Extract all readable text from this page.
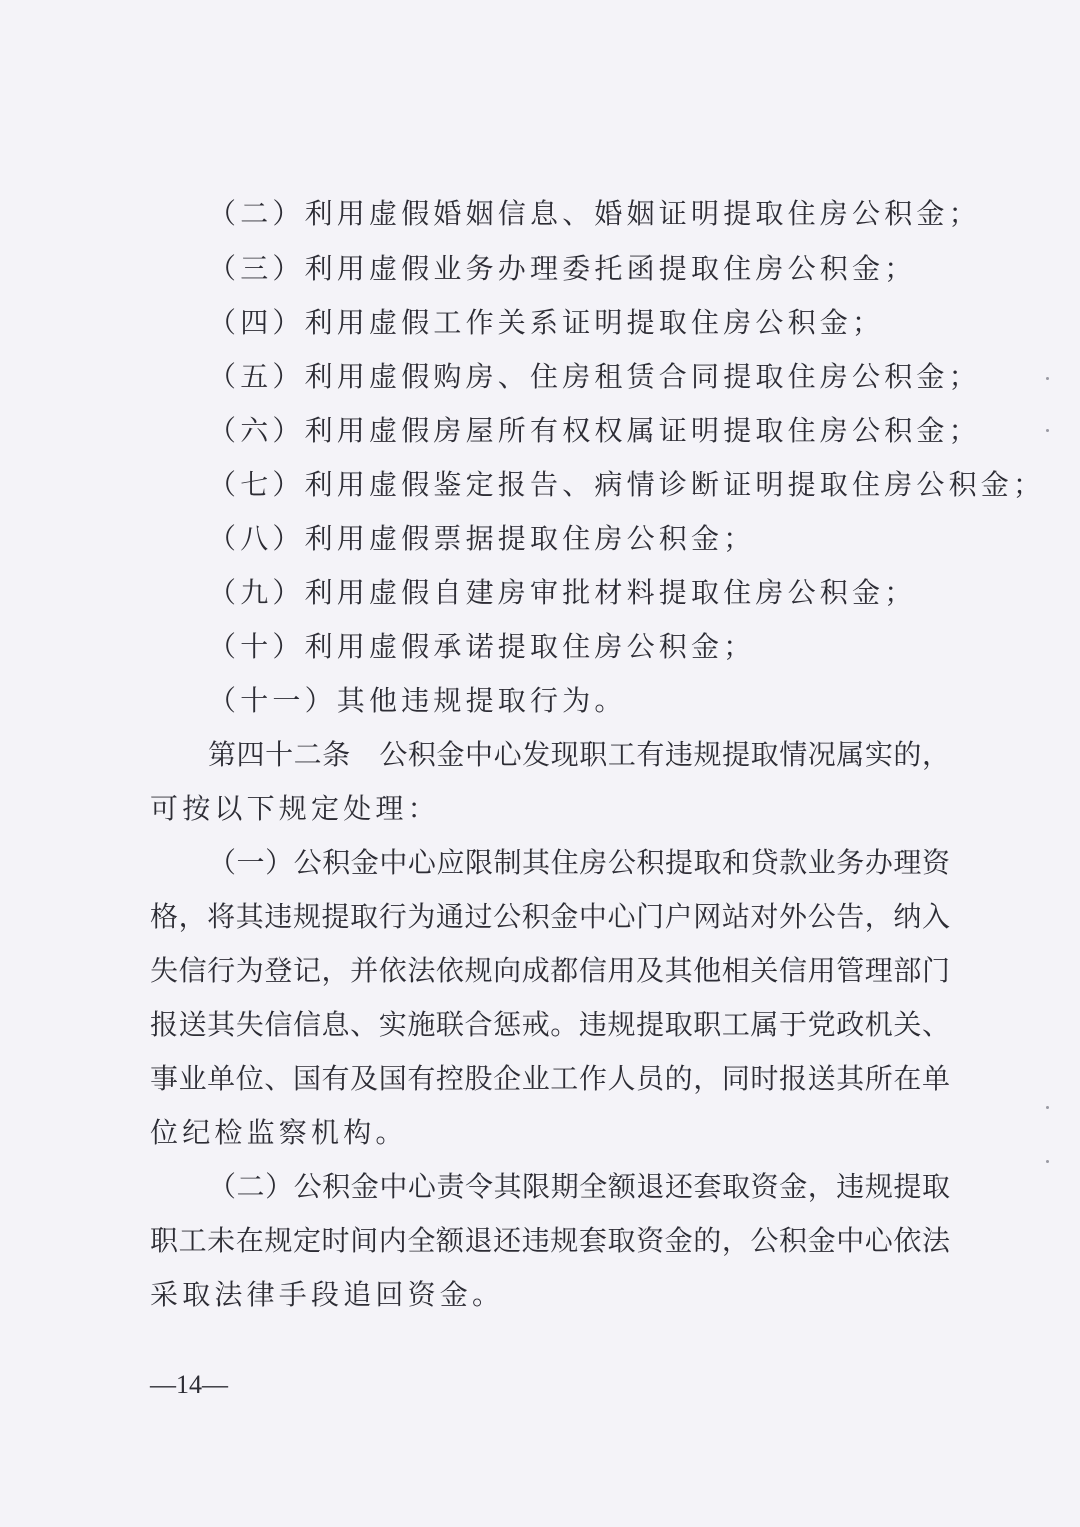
（二）利用虚假婚姻信息、婚姻证明提取住房公积金；
（三）利用虚假业务办理委托函提取住房公积金；
（四）利用虚假工作关系证明提取住房公积金；
（五）利用虚假购房、住房租赁合同提取住房公积金；
（六）利用虚假房屋所有权权属证明提取住房公积金；
（七）利用虚假鉴定报告、病情诊断证明提取住房公积金；
（八）利用虚假票据提取住房公积金；
（九）利用虚假自建房审批材料提取住房公积金；
（十）利用虚假承诺提取住房公积金；
（十一）其他违规提取行为。
第四十二条　公积金中心发现职工有违规提取情况属实的，
可按以下规定处理：
（一）公积金中心应限制其住房公积提取和贷款业务办理资
格，将其违规提取行为通过公积金中心门户网站对外公告，纳入
失信行为登记，并依法依规向成都信用及其他相关信用管理部门
报送其失信信息、实施联合惩戒。违规提取职工属于党政机关、
事业单位、国有及国有控股企业工作人员的，同时报送其所在单
位纪检监察机构。
（二）公积金中心责令其限期全额退还套取资金，违规提取
职工未在规定时间内全额退还违规套取资金的，公积金中心依法
采取法律手段追回资金。
—14—
